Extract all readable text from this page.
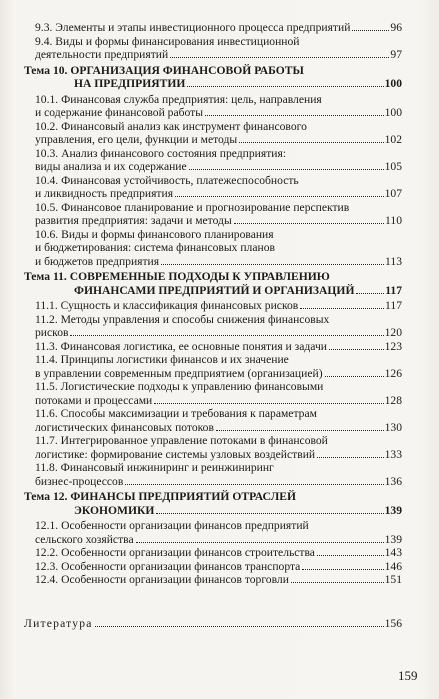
9.3. Элементы и этапы инвестиционного процесса предприятий	96
9.4. Виды и формы финансирования инвестиционной
деятельности предприятий	97
Тема 10. ОРГАНИЗАЦИЯ ФИНАНСОВОЙ РАБОТЫ
НА ПРЕДПРИЯТИИ	100
10.1. Финансовая служба предприятия: цель, направления
и содержание финансовой работы	100
10.2. Финансовый анализ как инструмент финансового
управления, его цели, функции и методы	102
10.3. Анализ финансового состояния предприятия:
виды анализа и их содержание	105
10.4. Финансовая устойчивость, платежеспособность
и ликвидность предприятия	107
10.5. Финансовое планирование и прогнозирование перспектив
развития предприятия: задачи и методы	110
10.6. Виды и формы финансового планирования
и бюджетирования: система финансовых планов
и бюджетов предприятия	113
Тема 11. СОВРЕМЕННЫЕ ПОДХОДЫ К УПРАВЛЕНИЮ
ФИНАНСАМИ ПРЕДПРИЯТИЙ И ОРГАНИЗАЦИЙ	117
11.1. Сущность и классификация финансовых рисков	117
11.2. Методы управления и способы снижения финансовых
рисков	120
11.3. Финансовая логистика, ее основные понятия и задачи	123
11.4. Принципы логистики финансов и их значение
в управлении современным предприятием (организацией)	126
11.5. Логистические подходы к управлению финансовыми
потоками и процессами	128
11.6. Способы максимизации и требования к параметрам
логистических финансовых потоков	130
11.7. Интегрированное управление потоками в финансовой
логистике: формирование системы узловых воздействий	133
11.8. Финансовый инжиниринг и реинжиниринг
бизнес-процессов	136
Тема 12. ФИНАНСЫ ПРЕДПРИЯТИЙ ОТРАСЛЕЙ
ЭКОНОМИКИ	139
12.1. Особенности организации финансов предприятий
сельского хозяйства	139
12.2. Особенности организации финансов строительства	143
12.3. Особенности организации финансов транспорта	146
12.4. Особенности организации финансов торговли	151
Литература	156
159
